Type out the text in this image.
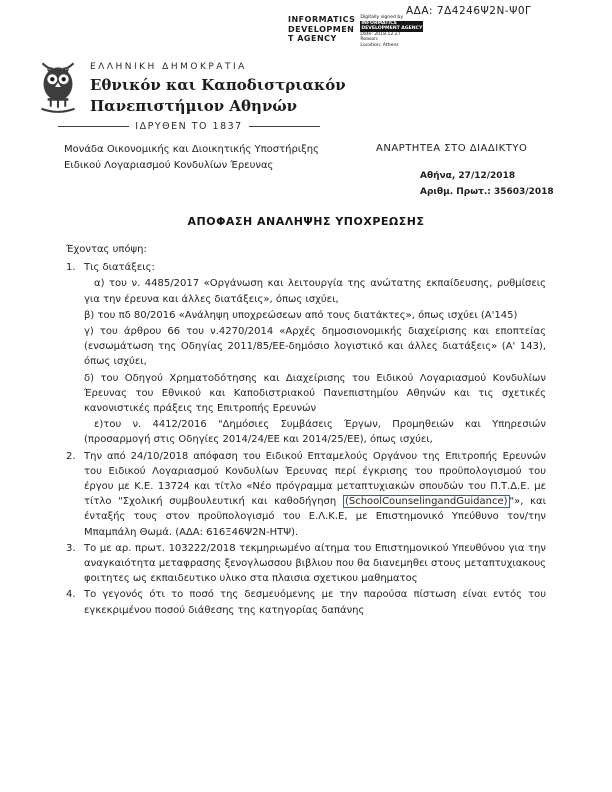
ΑΔΑ: 7Δ4246Ψ2Ν-Ψ0Γ
INFORMATICS
DEVELOPMEN
T AGENCY
Digitally signed by
INFORMATICS
DEVELOPMENT AGENCY
Date: 2018.12.27
Reason:
Location: Athens
ΕΛΛΗΝΙΚΗ ΔΗΜΟΚΡΑΤΙΑ
Εθνικόν και Καποδιστριακόν
Πανεπιστήμιον Αθηνών
ΙΔΡΥΘΕΝ ΤΟ 1837
Μονάδα Οικονομικής και Διοικητικής Υποστήριξης
Ειδικού Λογαριασμού Κονδυλίων Έρευνας
ΑΝΑΡΤΗΤΕΑ ΣΤΟ ΔΙΑΔΙΚΤΥΟ
Αθήνα, 27/12/2018
Αριθμ. Πρωτ.: 35603/2018
ΑΠΟΦΑΣΗ ΑΝΑΛΗΨΗΣ ΥΠΟΧΡΕΩΣΗΣ

Έχοντας υπόψη:

1. Τις διατάξεις:

α) του ν. 4485/2017 «Οργάνωση και λειτουργία της ανώτατης εκπαίδευσης, ρυθμίσεις για την έρευνα και άλλες διατάξεις», όπως ισχύει,

β) του πδ 80/2016 «Ανάληψη υποχρεώσεων από τους διατάκτες», όπως ισχύει (Α'145)

γ) του άρθρου 66 του ν.4270/2014 «Αρχές δημοσιονομικής διαχείρισης και εποπτείας (ενσωμάτωση της Οδηγίας 2011/85/ΕΕ-δημόσιο λογιστικό και άλλες διατάξεις» (Α' 143), όπως ισχύει,

δ) του Οδηγού Χρηματοδότησης και Διαχείρισης του Ειδικού Λογαριασμού Κονδυλίων Έρευνας του Εθνικού και Καποδιστριακού Πανεπιστημίου Αθηνών και τις σχετικές κανονιστικές πράξεις της Επιτροπής Ερευνών

ε)του ν. 4412/2016 "Δημόσιες Συμβάσεις Έργων, Προμηθειών και Υπηρεσιών (προσαρμογή στις Οδηγίες 2014/24/ΕΕ και 2014/25/ΕΕ), όπως ισχύει,

2. Την από 24/10/2018 απόφαση του Ειδικού Επταμελούς Οργάνου της Επιτροπής Ερευνών του Ειδικού Λογαριασμού Κονδυλίων Έρευνας περί έγκρισης του προϋπολογισμού του έργου με Κ.Ε. 13724 και τίτλο «Νέο πρόγραμμα μεταπτυχιακών σπουδών του Π.Τ.Δ.Ε. με τίτλο "Σχολική συμβουλευτική και καθοδήγηση (SchoolCounselingandGuidance) "», και ένταξής τους στον προϋπολογισμό του Ε.Λ.Κ.Ε, με Επιστημονικό Υπεύθυνο τον/την Μπαμπάλη Θωμά. (ΑΔΑ: 616Ξ46Ψ2Ν-ΗΤΨ).

3. Το με αρ. πρωτ. 103222/2018 τεκμηριωμένο αίτημα του Επιστημονικού Υπευθύνου για την αναγκαιότητα μεταφρασης ξενογλωσσου βιβλιου που θα διανεμηθει στους μεταπτυχιακους φοιτητες ως εκπαιδευτικο υλικο στα πλαισια σχετικου μαθηματος

4. Το γεγονός ότι το ποσό της δεσμευόμενης με την παρούσα πίστωση είναι εντός του εγκεκριμένου ποσού διάθεσης της κατηγορίας δαπάνης
